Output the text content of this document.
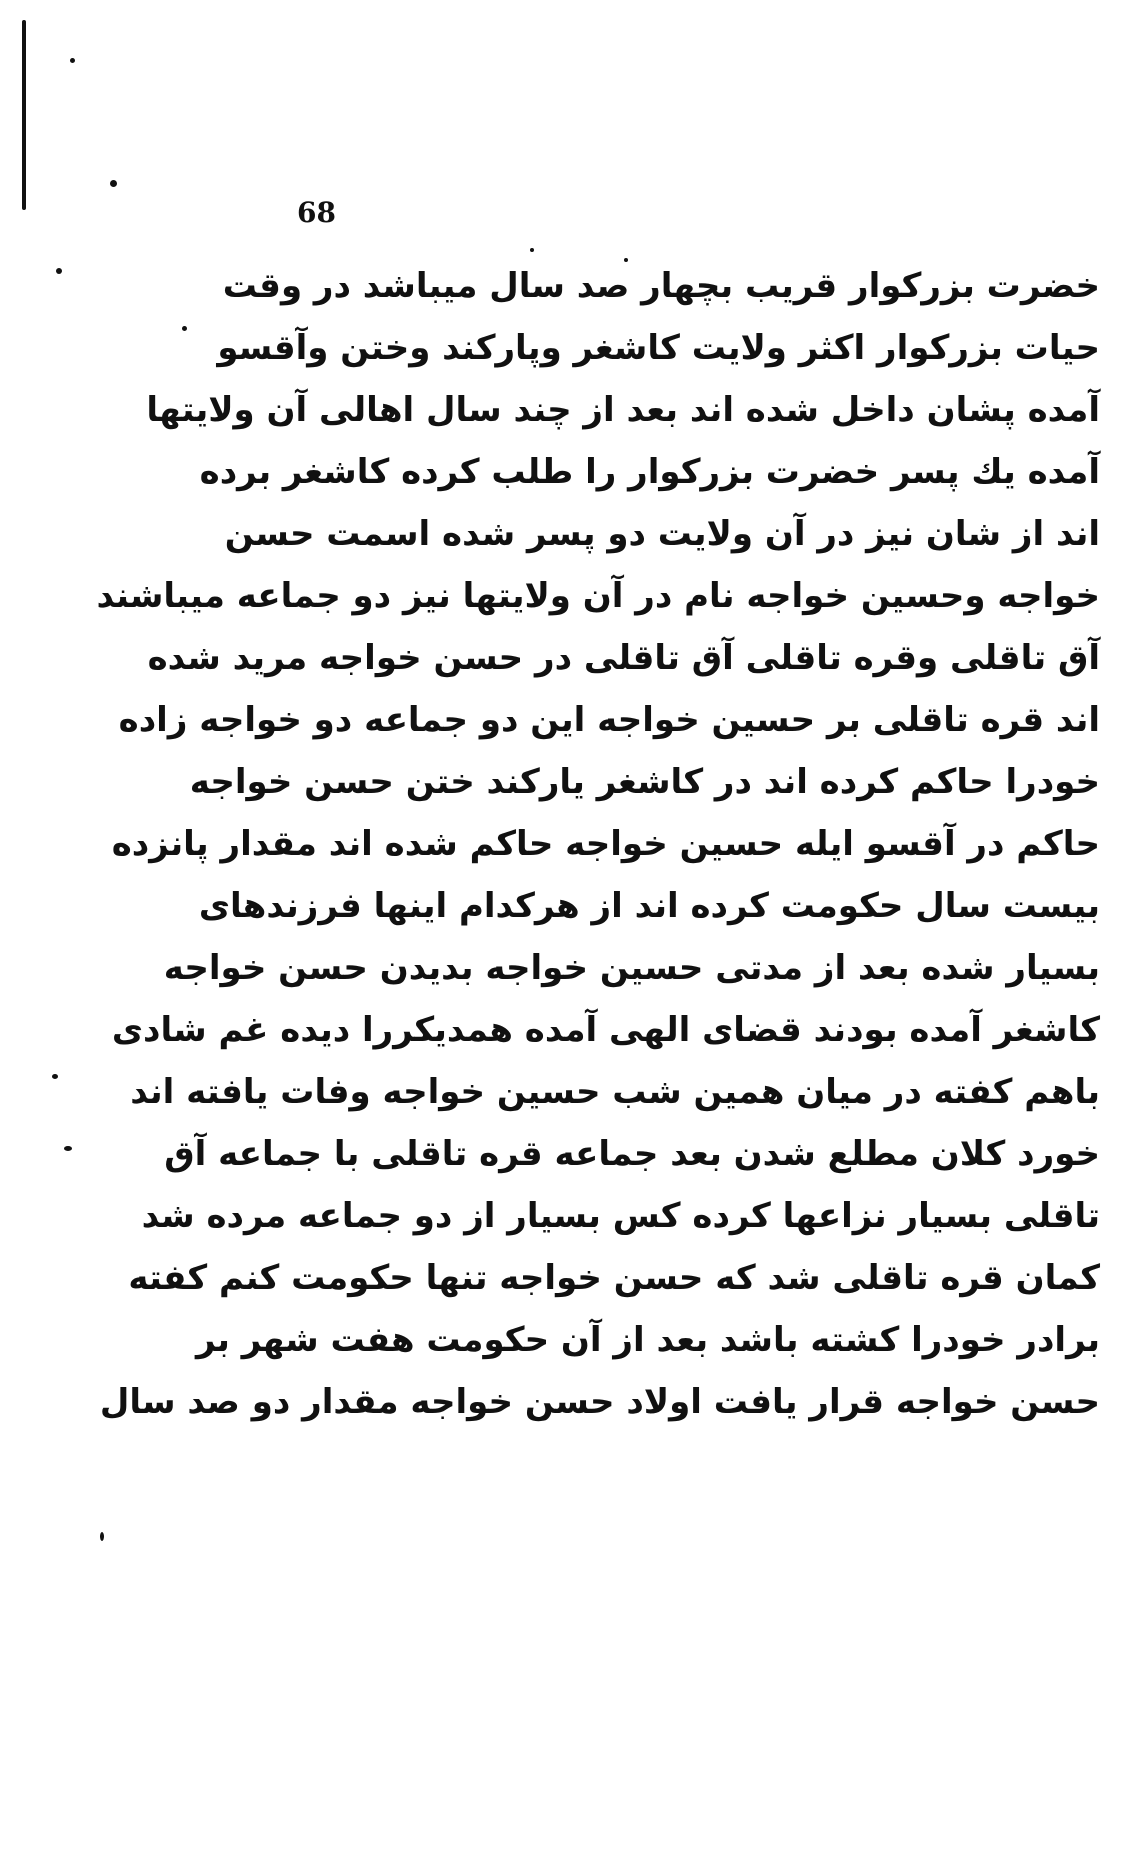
68
خضرت بزرکوار قریب بچهار صد سال میباشد در وقت
حیات بزرکوار اکثر ولایت کاشغر وپارکند وختن وآقسو
آمده پشان داخل شده اند بعد از چند سال اهالی آن ولایتها
آمده یك پسر خضرت بزرکوار را طلب کرده کاشغر برده
اند از شان نیز در آن ولایت دو پسر شده اسمت حسن
خواجه وحسین خواجه نام در آن ولایتها نیز دو جماعه میباشند
آق تاقلی وقره تاقلی آق تاقلی در حسن خواجه مرید شده
اند قره تاقلی بر حسین خواجه این دو جماعه دو خواجه زاده
خودرا حاکم کرده اند در کاشغر یارکند ختن حسن خواجه
حاکم در آقسو ایله حسین خواجه حاکم شده اند مقدار پانزده
بیست سال حکومت کرده اند از هرکدام اینها فرزندهای
بسیار شده بعد از مدتی حسین خواجه بدیدن حسن خواجه
کاشغر آمده بودند قضای الهی آمده همدیکررا دیده غم شادی
باهم کفته در میان همین شب حسین خواجه وفات یافته اند
خورد کلان مطلع شدن بعد جماعه قره تاقلی با جماعه آق
تاقلی بسیار نزاعها کرده کس بسیار از دو جماعه مرده شد
کمان قره تاقلی شد که حسن خواجه تنها حکومت کنم کفته
برادر خودرا کشته باشد بعد از آن حکومت هفت شهر بر
حسن خواجه قرار یافت اولاد حسن خواجه مقدار دو صد سال
